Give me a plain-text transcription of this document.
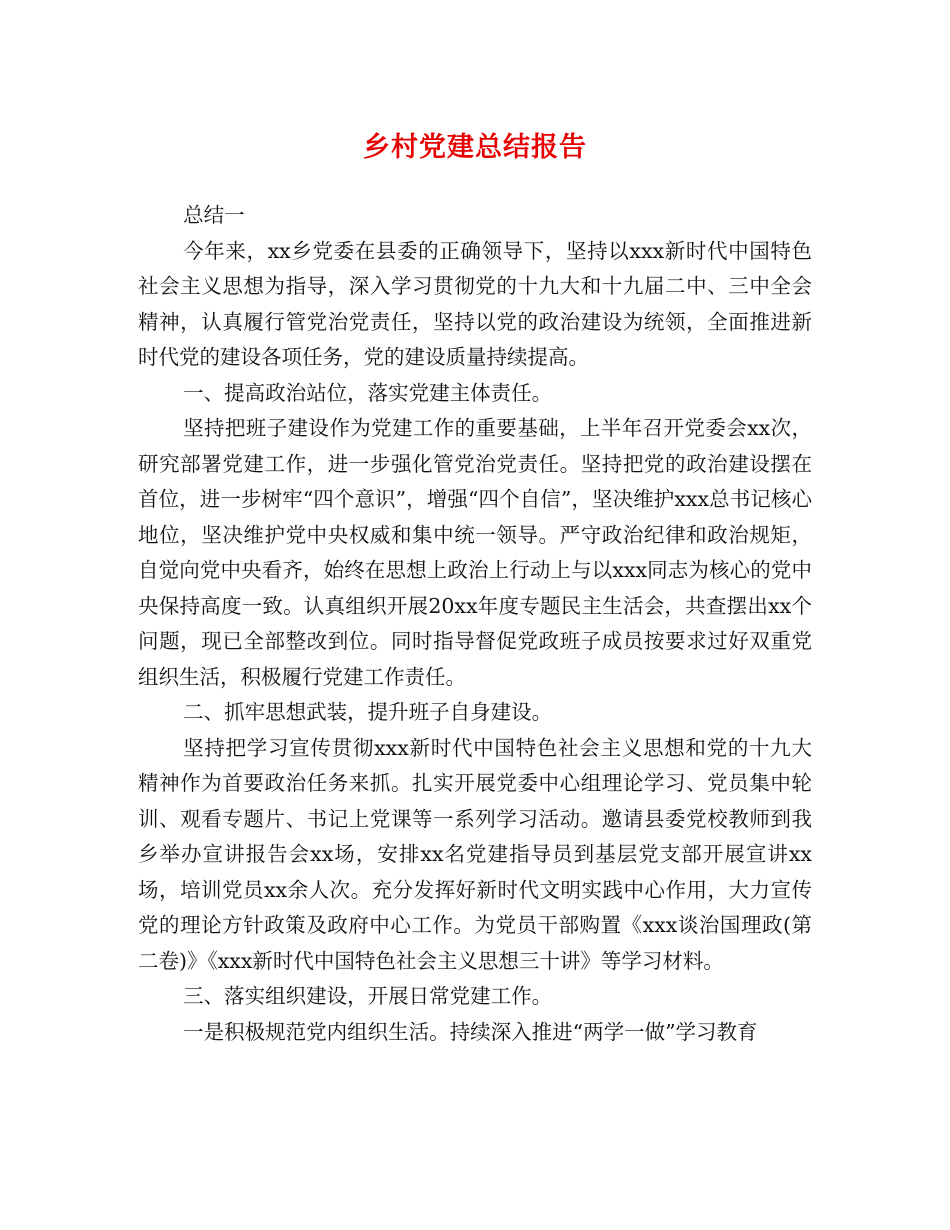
乡村党建总结报告

总结一

今年来，xx乡党委在县委的正确领导下，坚持以xxx新时代中国特色社会主义思想为指导，深入学习贯彻党的十九大和十九届二中、三中全会精神，认真履行管党治党责任，坚持以党的政治建设为统领，全面推进新时代党的建设各项任务，党的建设质量持续提高。

一、提高政治站位，落实党建主体责任。

坚持把班子建设作为党建工作的重要基础，上半年召开党委会xx次，研究部署党建工作，进一步强化管党治党责任。坚持把党的政治建设摆在首位，进一步树牢“四个意识”，增强“四个自信”，坚决维护xxx总书记核心地位，坚决维护党中央权威和集中统一领导。严守政治纪律和政治规矩，自觉向党中央看齐，始终在思想上政治上行动上与以xxx同志为核心的党中央保持高度一致。认真组织开展20xx年度专题民主生活会，共查摆出xx个问题，现已全部整改到位。同时指导督促党政班子成员按要求过好双重党组织生活，积极履行党建工作责任。

二、抓牢思想武装，提升班子自身建设。

坚持把学习宣传贯彻xxx新时代中国特色社会主义思想和党的十九大精神作为首要政治任务来抓。扎实开展党委中心组理论学习、党员集中轮训、观看专题片、书记上党课等一系列学习活动。邀请县委党校教师到我乡举办宣讲报告会xx场，安排xx名党建指导员到基层党支部开展宣讲xx场，培训党员xx余人次。充分发挥好新时代文明实践中心作用，大力宣传党的理论方针政策及政府中心工作。为党员干部购置《xxx谈治国理政(第二卷)》《xxx新时代中国特色社会主义思想三十讲》等学习材料。

三、落实组织建设，开展日常党建工作。

一是积极规范党内组织生活。持续深入推进“两学一做”学习教育
